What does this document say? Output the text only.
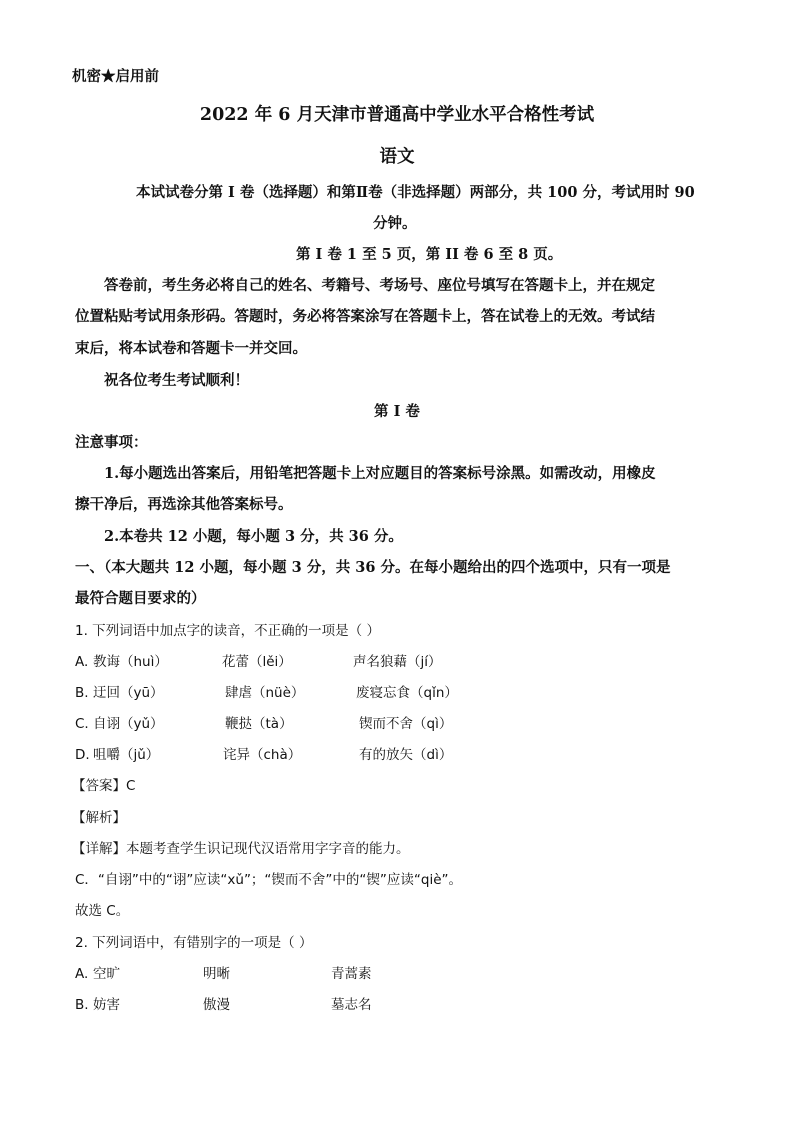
机密★启用前
2022 年 6 月天津市普通高中学业水平合格性考试
语文
本试试卷分第 I 卷（选择题）和第Ⅱ卷（非选择题）两部分，共 100 分，考试用时 90
分钟。
第 I 卷 1 至 5 页，第 II 卷 6 至 8 页。
答卷前，考生务必将自己的姓名、考籍号、考场号、座位号填写在答题卡上，并在规定
位置粘贴考试用条形码。答题时，务必将答案涂写在答题卡上，答在试卷上的无效。考试结
束后，将本试卷和答题卡一并交回。
祝各位考生考试顺利！
第 I 卷
注意事项：
1.每小题选出答案后，用铅笔把答题卡上对应题目的答案标号涂黑。如需改动，用橡皮
擦干净后，再选涂其他答案标号。
2.本卷共 12 小题，每小题 3 分，共 36 分。
一、（本大题共 12 小题，每小题 3 分，共 36 分。在每小题给出的四个选项中，只有一项是
最符合题目要求的）
1. 下列词语中加点字的读音，不正确的一项是（ ）
A. 教诲（huì）	花蕾（lěi）	声名狼藉（jí）
B. 迂回（yū）	肆虐（nüè）	废寝忘食（qǐn）
C. 自诩（yǔ）	鞭挞（tà）	锲而不舍（qì）
D. 咀嚼（jǔ）	诧异（chà）	有的放矢（dì）
【答案】C
【解析】
【详解】本题考查学生识记现代汉语常用字字音的能力。
C．“自诩”中的“诩”应读“xǔ”；“锲而不舍”中的“锲”应读“qiè”。
故选 C。
2. 下列词语中，有错别字的一项是（ ）
A. 空旷	明晰	青蒿素
B. 妨害	傲漫	墓志名
